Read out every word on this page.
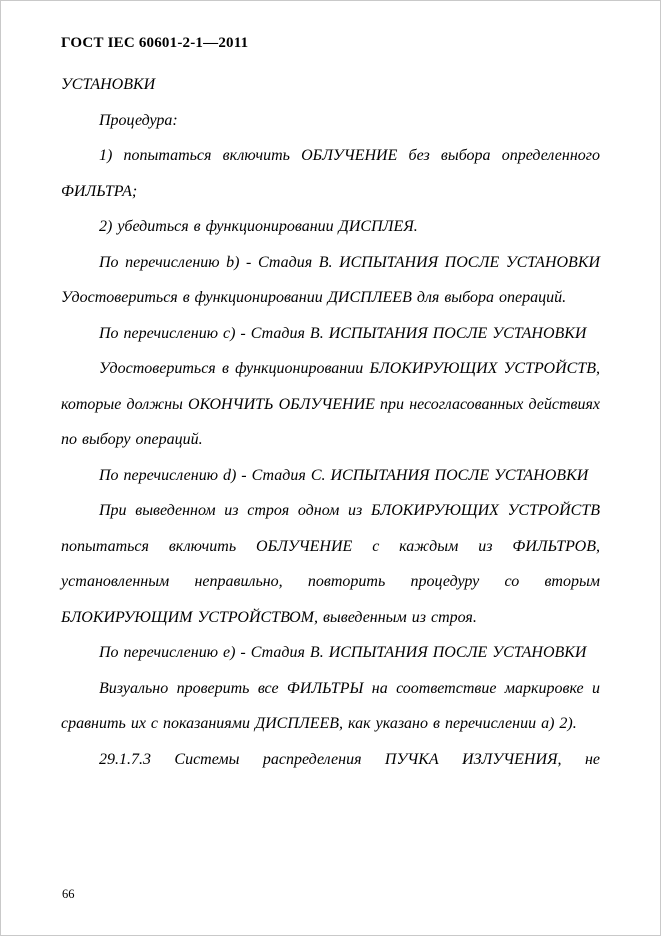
ГОСТ IEC 60601-2-1—2011

УСТАНОВКИ

Процедура:

1) попытаться включить ОБЛУЧЕНИЕ без выбора определенного ФИЛЬТРА;

2) убедиться в функционировании ДИСПЛЕЯ.

По перечислению b) - Стадия В. ИСПЫТАНИЯ ПОСЛЕ УСТАНОВКИ Удостовериться в функционировании ДИСПЛЕЕВ для выбора операций.

По перечислению c) - Стадия В. ИСПЫТАНИЯ ПОСЛЕ УСТАНОВКИ

Удостовериться в функционировании БЛОКИРУЮЩИХ УСТРОЙСТВ, которые должны ОКОНЧИТЬ ОБЛУЧЕНИЕ при несогласованных действиях по выбору операций.

По перечислению d) - Стадия С. ИСПЫТАНИЯ ПОСЛЕ УСТАНОВКИ

При выведенном из строя одном из БЛОКИРУЮЩИХ УСТРОЙСТВ попытаться включить ОБЛУЧЕНИЕ с каждым из ФИЛЬТРОВ, установленным неправильно, повторить процедуру со вторым БЛОКИРУЮЩИМ УСТРОЙСТВОМ, выведенным из строя.

По перечислению e) - Стадия В. ИСПЫТАНИЯ ПОСЛЕ УСТАНОВКИ

Визуально проверить все ФИЛЬТРЫ на соответствие маркировке и сравнить их с показаниями ДИСПЛЕЕВ, как указано в перечислении а) 2).

29.1.7.3 Системы распределения ПУЧКА ИЗЛУЧЕНИЯ, не

66
